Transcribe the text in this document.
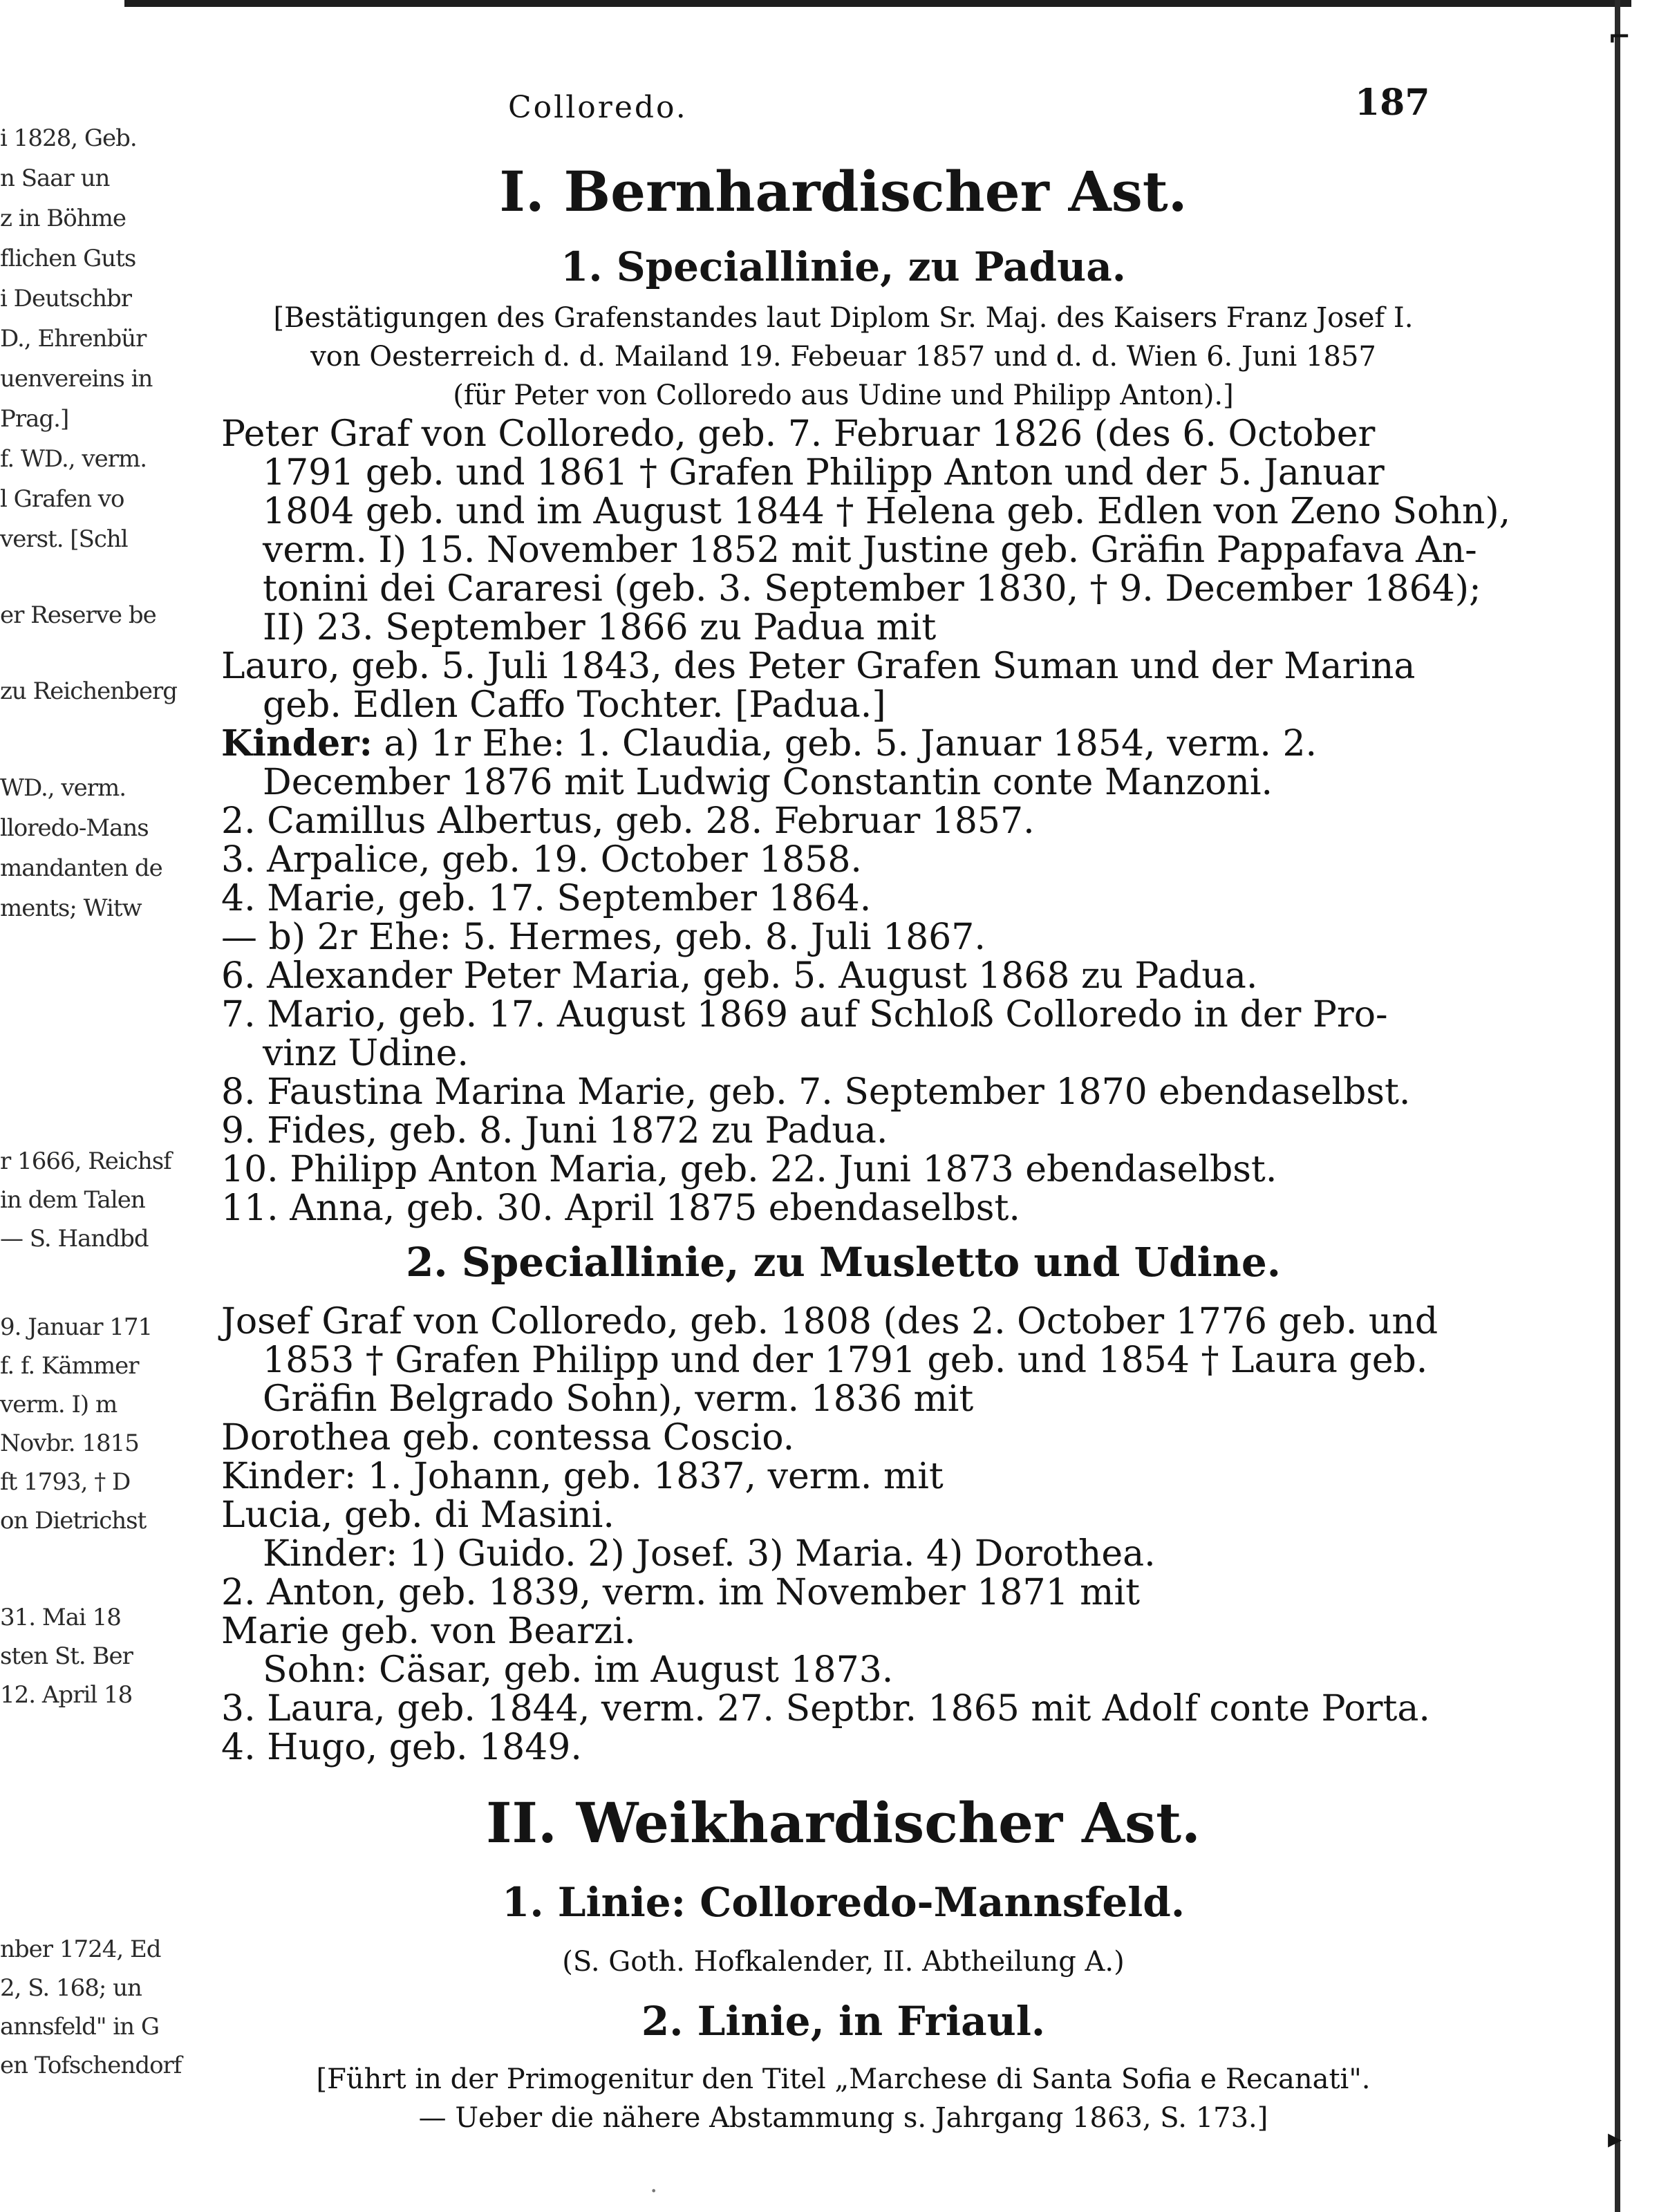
⌐
▸
·
i 1828, Geb.
n Saar un
z in Böhme
flichen Guts
i Deutschbr
D., Ehrenbür
uenvereins in
Prag.]
f. WD., verm.
l Grafen vo
verst. [Schl
er Reserve be
zu Reichenberg
WD., verm.
lloredo-Mans
mandanten de
ments; Witw
r 1666, Reichsf
in dem Talen
— S. Handbd
9. Januar 171
f. f. Kämmer
verm. I) m
Novbr. 1815
ft 1793, † D
on Dietrichst
31. Mai 18
sten St. Ber
12. April 18
nber 1724, Ed
2, S. 168; un
annsfeld" in G
en Tofschendorf
Colloredo.	187
I. Bernhardischer Ast.
1. Speciallinie, zu Padua.
[Bestätigungen des Grafenstandes laut Diplom Sr. Maj. des Kaisers Franz Josef I.
von Oesterreich d. d. Mailand 19. Febeuar 1857 und d. d. Wien 6. Juni 1857
(für Peter von Colloredo aus Udine und Philipp Anton).]
Peter Graf von Colloredo, geb. 7. Februar 1826 (des 6. October
1791 geb. und 1861 † Grafen Philipp Anton und der 5. Januar
1804 geb. und im August 1844 † Helena geb. Edlen von Zeno Sohn),
verm. I) 15. November 1852 mit Justine geb. Gräfin Pappafava An-
tonini dei Cararesi (geb. 3. September 1830, † 9. December 1864);
II) 23. September 1866 zu Padua mit
Lauro, geb. 5. Juli 1843, des Peter Grafen Suman und der Marina
geb. Edlen Caffo Tochter. [Padua.]
Kinder: a) 1r Ehe: 1. Claudia, geb. 5. Januar 1854, verm. 2.
December 1876 mit Ludwig Constantin conte Manzoni.
2. Camillus Albertus, geb. 28. Februar 1857.
3. Arpalice, geb. 19. October 1858.
4. Marie, geb. 17. September 1864.
— b) 2r Ehe: 5. Hermes, geb. 8. Juli 1867.
6. Alexander Peter Maria, geb. 5. August 1868 zu Padua.
7. Mario, geb. 17. August 1869 auf Schloß Colloredo in der Pro-
vinz Udine.
8. Faustina Marina Marie, geb. 7. September 1870 ebendaselbst.
9. Fides, geb. 8. Juni 1872 zu Padua.
10. Philipp Anton Maria, geb. 22. Juni 1873 ebendaselbst.
11. Anna, geb. 30. April 1875 ebendaselbst.
2. Speciallinie, zu Musletto und Udine.
Josef Graf von Colloredo, geb. 1808 (des 2. October 1776 geb. und
1853 † Grafen Philipp und der 1791 geb. und 1854 † Laura geb.
Gräfin Belgrado Sohn), verm. 1836 mit
Dorothea geb. contessa Coscio.
Kinder: 1. Johann, geb. 1837, verm. mit
Lucia, geb. di Masini.
Kinder: 1) Guido. 2) Josef. 3) Maria. 4) Dorothea.
2. Anton, geb. 1839, verm. im November 1871 mit
Marie geb. von Bearzi.
Sohn: Cäsar, geb. im August 1873.
3. Laura, geb. 1844, verm. 27. Septbr. 1865 mit Adolf conte Porta.
4. Hugo, geb. 1849.
II. Weikhardischer Ast.
1. Linie: Colloredo-Mannsfeld.
(S. Goth. Hofkalender, II. Abtheilung A.)
2. Linie, in Friaul.
[Führt in der Primogenitur den Titel „Marchese di Santa Sofia e Recanati".
— Ueber die nähere Abstammung s. Jahrgang 1863, S. 173.]
